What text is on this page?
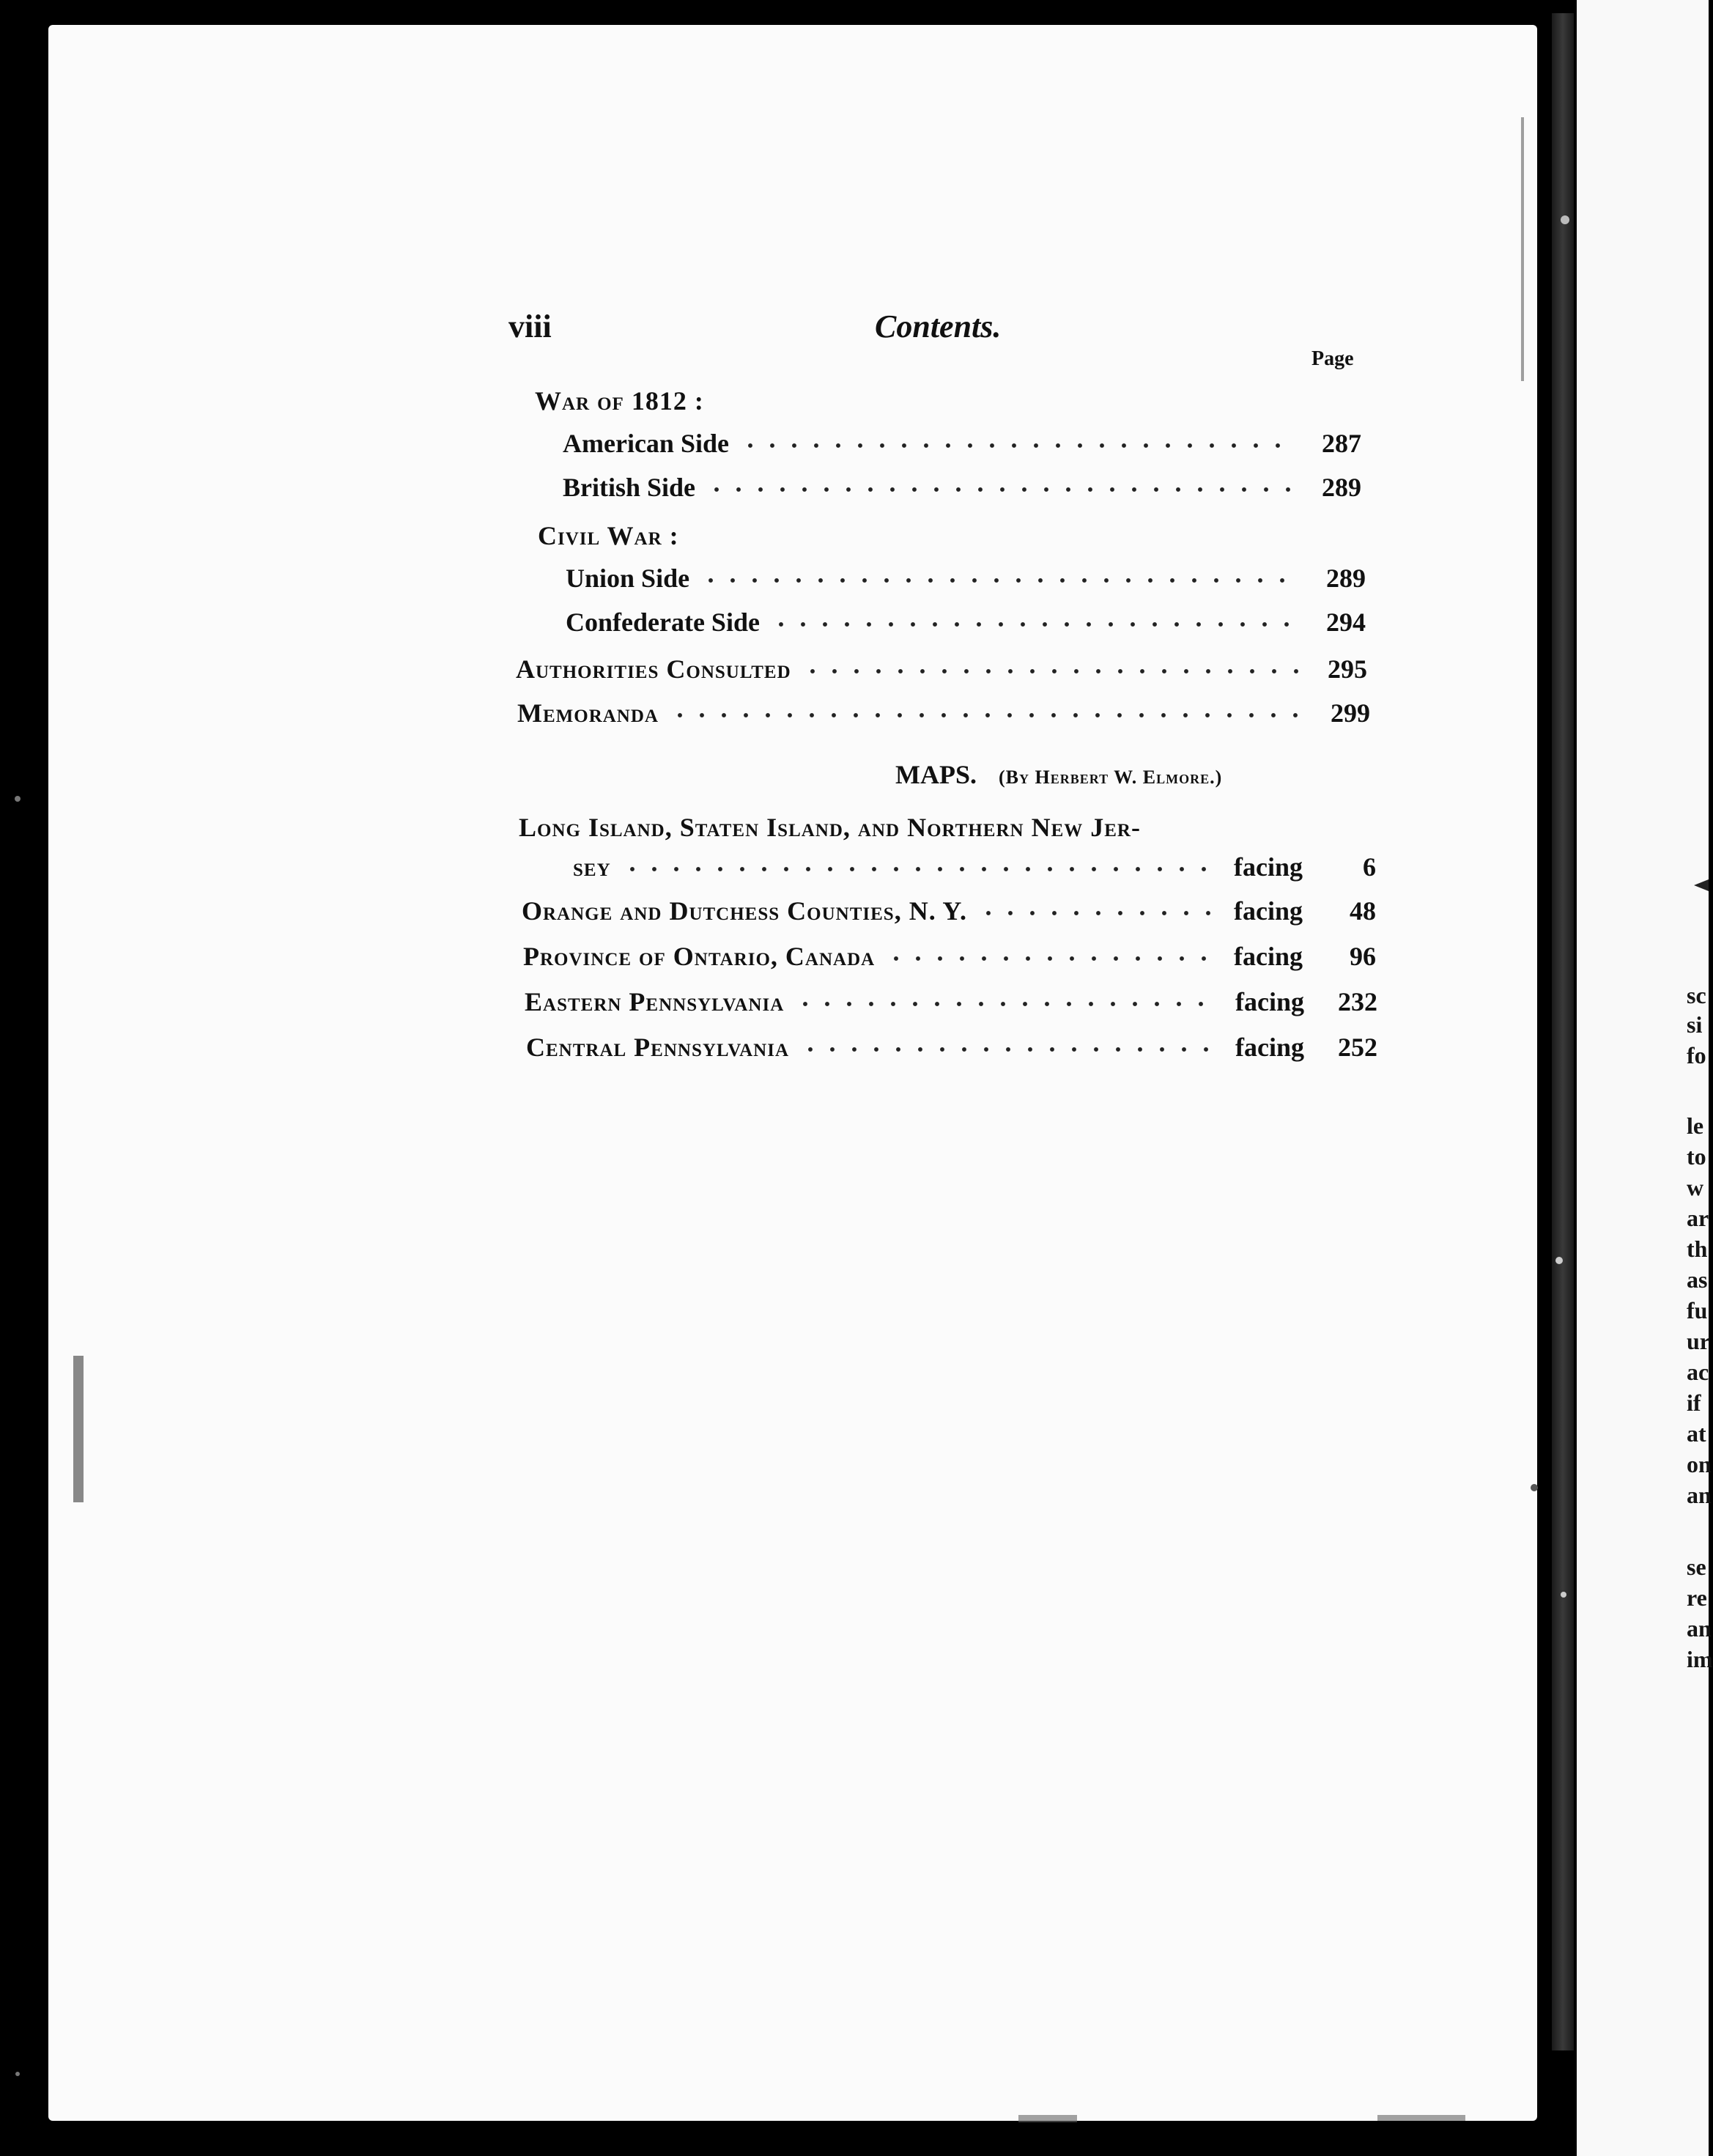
sc
si
fo
le
to
w
ar
th
as
fu
ur
ac
if
at
on
an
se
re
an
im
viii	Contents.
Page
War of 1812 :
American Side	287
British Side	289
Civil War :
Union Side	289
Confederate Side	294
Authorities Consulted	295
Memoranda	299
MAPS. (By Herbert W. Elmore.)
Long Island, Staten Island, and Northern New Jer-
sey	facing	6
Orange and Dutchess Counties, N. Y.	facing	48
Province of Ontario, Canada	facing	96
Eastern Pennsylvania	facing	232
Central Pennsylvania	facing	252
